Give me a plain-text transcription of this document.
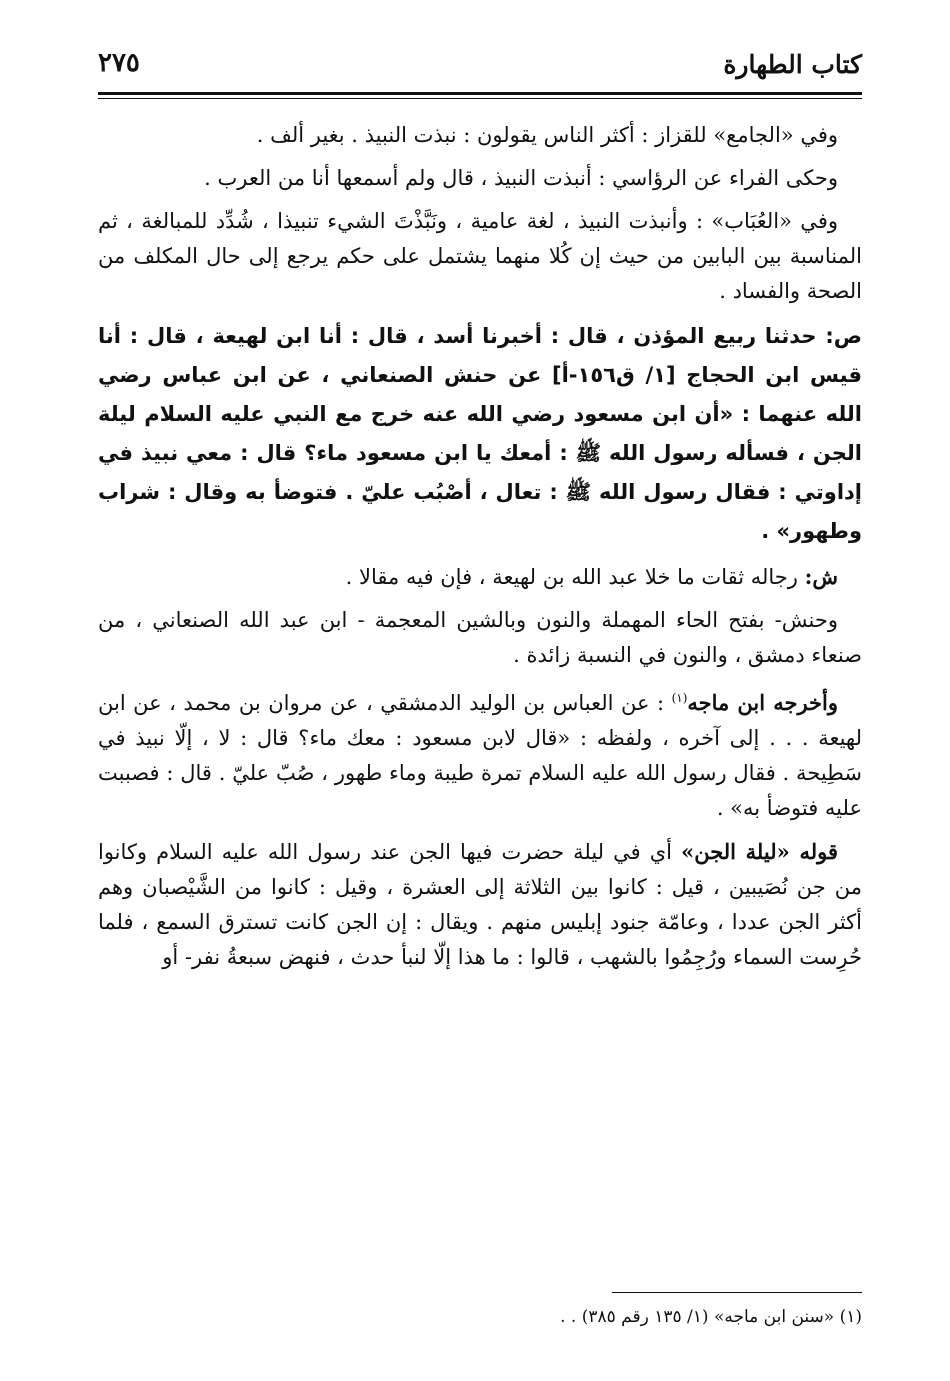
كتاب الطهارة
٢٧٥

وفي «الجامع» للقزاز : أكثر الناس يقولون : نبذت النبيذ . بغير ألف .

وحكى الفراء عن الرؤاسي : أنبذت النبيذ ، قال ولم أسمعها أنا من العرب .

وفي «العُبَاب» : وأنبذت النبيذ ، لغة عامية ، ونَبَّذْتَ الشيء تنبيذا ، شُدِّد للمبالغة ، ثم المناسبة بين البابين من حيث إن كُلا منهما يشتمل على حكم يرجع إلى حال المكلف من الصحة والفساد .

ص: حدثنا ربيع المؤذن ، قال : أخبرنا أسد ، قال : أنا ابن لهيعة ، قال : أنا قيس ابن الحجاج [١/ ق١٥٦-أ] عن حنش الصنعاني ، عن ابن عباس رضي الله عنهما : «أن ابن مسعود رضي الله عنه خرج مع النبي عليه السلام ليلة الجن ، فسأله رسول الله ﷺ : أمعك يا ابن مسعود ماء؟ قال : معي نبيذ في إداوتي : فقال رسول الله ﷺ : تعال ، أصْبُب عليّ . فتوضأ به وقال : شراب وطهور» .

ش: رجاله ثقات ما خلا عبد الله بن لهيعة ، فإن فيه مقالا .

وحنش- بفتح الحاء المهملة والنون وبالشين المعجمة - ابن عبد الله الصنعاني ، من صنعاء دمشق ، والنون في النسبة زائدة .

وأخرجه ابن ماجه$^{(١)}$ : عن العباس بن الوليد الدمشقي ، عن مروان بن محمد ، عن ابن لهيعة . . . إلى آخره ، ولفظه : «قال لابن مسعود : معك ماء؟ قال : لا ، إلّا نبيذ في سَطِيحة . فقال رسول الله عليه السلام تمرة طيبة وماء طهور ، صُبّ عليّ . قال : فصببت عليه فتوضأ به» .

قوله «ليلة الجن» أي في ليلة حضرت فيها الجن عند رسول الله عليه السلام وكانوا من جن نُصَيبين ، قيل : كانوا بين الثلاثة إلى العشرة ، وقيل : كانوا من الشَّيْصبان وهم أكثر الجن عددا ، وعامّة جنود إبليس منهم . ويقال : إن الجن كانت تسترق السمع ، فلما حُرِست السماء ورُجِمُوا بالشهب ، قالوا : ما هذا إلّا لنبأ حدث ، فنهض سبعةُ نفر- أو

(١) «سنن ابن ماجه» (١/ ١٣٥ رقم ٣٨٥) . .
